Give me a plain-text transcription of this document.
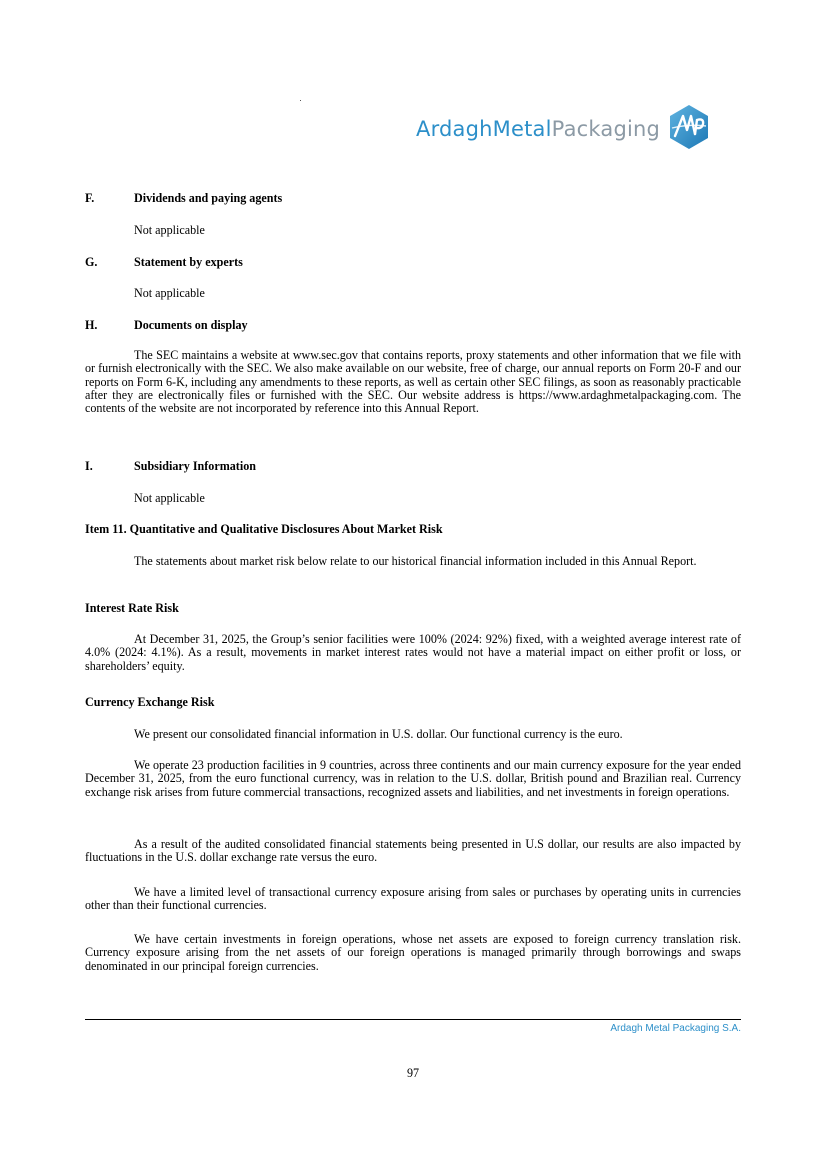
ArdaghMetalPackaging
F.	Dividends and paying agents
Not applicable
G.	Statement by experts
Not applicable
H.	Documents on display

The SEC maintains a website at www.sec.gov that contains reports, proxy statements and other information that we file with or furnish electronically with the SEC. We also make available on our website, free of charge, our annual reports on Form 20-F and our reports on Form 6-K, including any amendments to these reports, as well as certain other SEC filings, as soon as reasonably practicable after they are electronically files or furnished with the SEC. Our website address is https://www.ardaghmetalpackaging.com. The contents of the website are not incorporated by reference into this Annual Report.

I.	Subsidiary Information
Not applicable
Item 11. Quantitative and Qualitative Disclosures About Market Risk

The statements about market risk below relate to our historical financial information included in this Annual Report.

Interest Rate Risk

At December 31, 2025, the Group’s senior facilities were 100% (2024: 92%) fixed, with a weighted average interest rate of 4.0% (2024: 4.1%). As a result, movements in market interest rates would not have a material impact on either profit or loss, or shareholders’ equity.

Currency Exchange Risk

We present our consolidated financial information in U.S. dollar. Our functional currency is the euro.

We operate 23 production facilities in 9 countries, across three continents and our main currency exposure for the year ended December 31, 2025, from the euro functional currency, was in relation to the U.S. dollar, British pound and Brazilian real. Currency exchange risk arises from future commercial transactions, recognized assets and liabilities, and net investments in foreign operations.

As a result of the audited consolidated financial statements being presented in U.S dollar, our results are also impacted by fluctuations in the U.S. dollar exchange rate versus the euro.

We have a limited level of transactional currency exposure arising from sales or purchases by operating units in currencies other than their functional currencies.

We have certain investments in foreign operations, whose net assets are exposed to foreign currency translation risk. Currency exposure arising from the net assets of our foreign operations is managed primarily through borrowings and swaps denominated in our principal foreign currencies.

Ardagh Metal Packaging S.A.
97
